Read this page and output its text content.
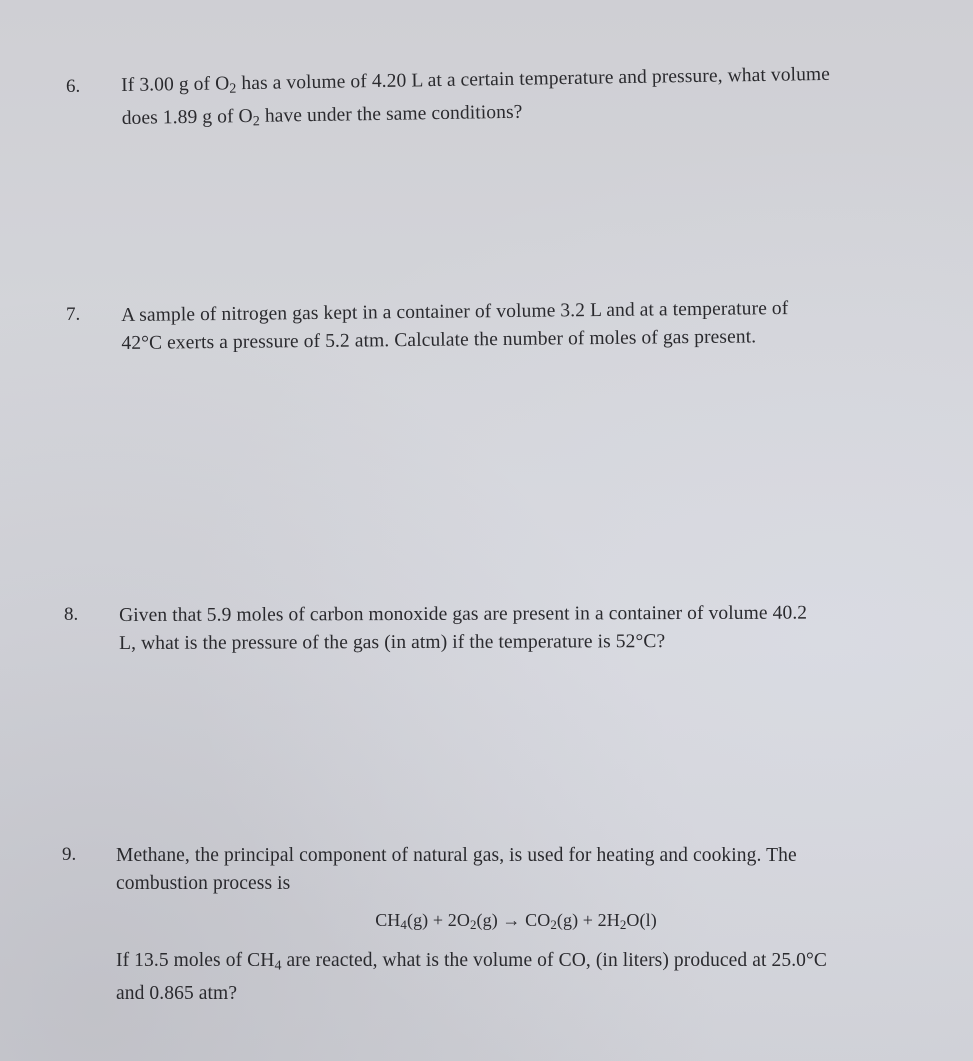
6. If 3.00 g of $O_2$ has a volume of 4.20 L at a certain temperature and pressure, what volume
does 1.89 g of $O_2$ have under the same conditions?
7. A sample of nitrogen gas kept in a container of volume 3.2 L and at a temperature of
42°C exerts a pressure of 5.2 atm. Calculate the number of moles of gas present.
8. Given that 5.9 moles of carbon monoxide gas are present in a container of volume 40.2
L, what is the pressure of the gas (in atm) if the temperature is 52°C?
9. Methane, the principal component of natural gas, is used for heating and cooking. The
combustion process is
$CH_4(g) + 2O_2(g) \to CO_2(g) + 2H_2O(l)$
If 13.5 moles of $CH_4$ are reacted, what is the volume of CO, (in liters) produced at 25.0°C
and 0.865 atm?
